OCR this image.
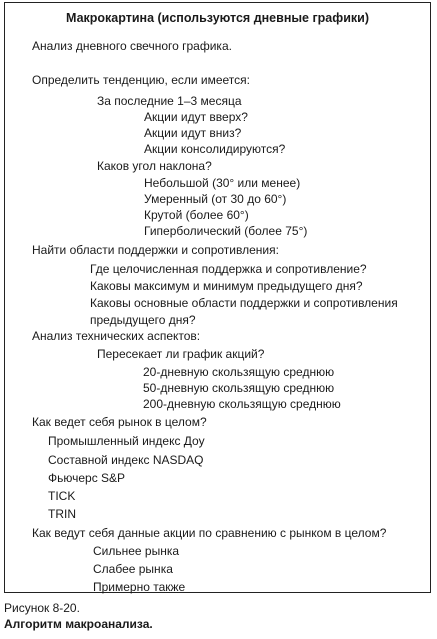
Макрокартина (используются дневные графики)
Анализ дневного свечного графика.
Определить тенденцию, если имеется:
За последние 1–3 месяца
Акции идут вверх?
Акции идут вниз?
Акции консолидируются?
Каков угол наклона?
Небольшой (30° или менее)
Умеренный (от 30 до 60°)
Крутой (более 60°)
Гиперболический (более 75°)
Найти области поддержки и сопротивления:
Где целочисленная поддержка и сопротивление?
Каковы максимум и минимум предыдущего дня?
Каковы основные области поддержки и сопротивления
предыдущего дня?
Анализ технических аспектов:
Пересекает ли график акций?
20-дневную скользящую среднюю
50-дневную скользящую среднюю
200-дневную скользящую среднюю
Как ведет себя рынок в целом?
Промышленный индекс Доу
Составной индекс NASDAQ
Фьючерс S&P
TICK
TRIN
Как ведут себя данные акции по сравнению с рынком в целом?
Сильнее рынка
Слабее рынка
Примерно также
Рисунок 8-20.
Алгоритм макроанализа.
